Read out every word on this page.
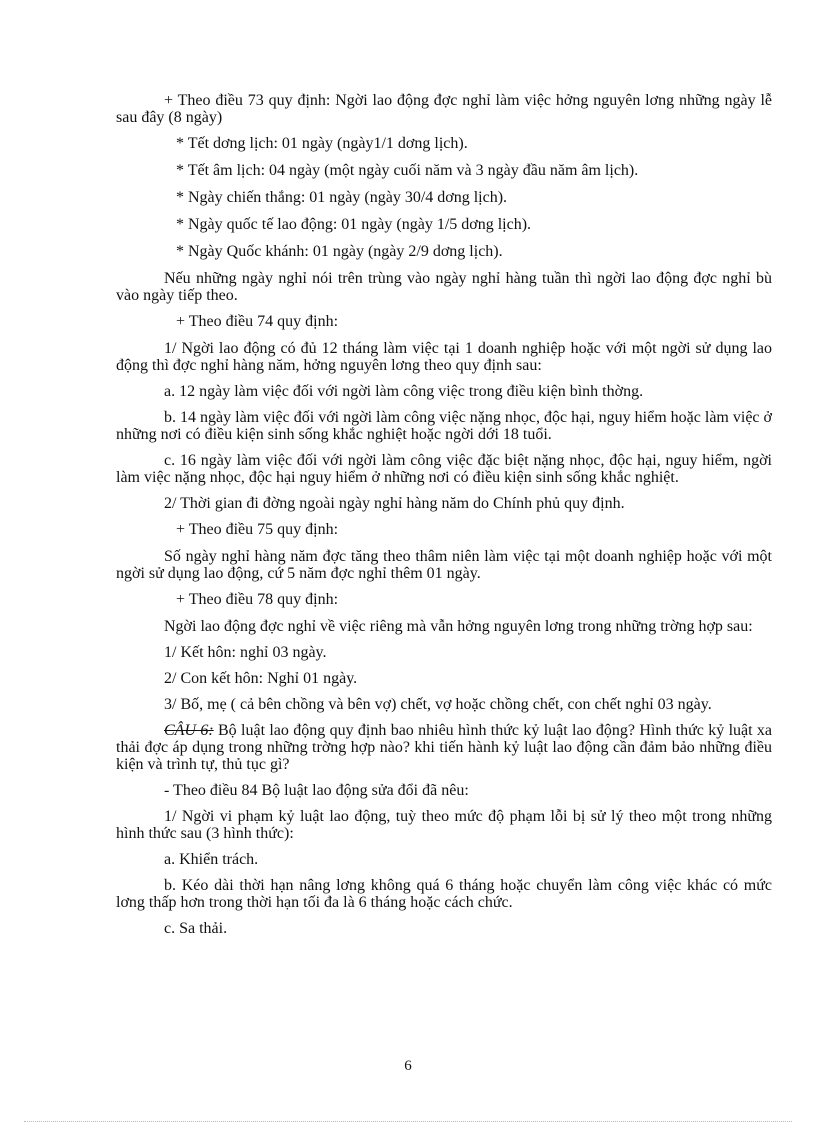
+ Theo điều 73 quy định: Ngời lao động đợc nghỉ làm việc hởng nguyên lơng những ngày lễ sau đây (8 ngày)

* Tết dơng lịch: 01 ngày (ngày1/1 dơng lịch).

* Tết âm lịch: 04 ngày (một ngày cuối năm và 3 ngày đầu năm âm lịch).

* Ngày chiến thắng: 01 ngày (ngày 30/4 dơng lịch).

* Ngày quốc tế lao động: 01 ngày (ngày 1/5 dơng lịch).

* Ngày Quốc khánh: 01 ngày (ngày 2/9 dơng lịch).

Nếu những ngày nghỉ nói trên trùng vào ngày nghỉ hàng tuần thì ngời lao động đợc nghỉ bù vào ngày tiếp theo.

+ Theo điều 74 quy định:

1/ Ngời lao động có đủ 12 tháng làm việc tại 1 doanh nghiệp hoặc với một ngời sử dụng lao động thì đợc nghỉ hàng năm, hởng nguyên lơng theo quy định sau:

a. 12 ngày làm việc đối với ngời làm công việc trong điều kiện bình thờng.

b. 14 ngày làm việc đối với ngời làm công việc nặng nhọc, độc hại, nguy hiểm hoặc làm việc ở những nơi có điều kiện sinh sống khắc nghiệt hoặc ngời dới 18 tuổi.

c. 16 ngày làm việc đối với ngời làm công việc đặc biệt nặng nhọc, độc hại, nguy hiểm, ngời làm việc nặng nhọc, độc hại nguy hiểm ở những nơi có điều kiện sinh sống khắc nghiệt.

2/ Thời gian đi đờng ngoài ngày nghỉ hàng năm do Chính phủ quy định.

+ Theo điều 75 quy định:

Số ngày nghỉ hàng năm đợc tăng theo thâm niên làm việc tại một doanh nghiệp hoặc với một ngời sử dụng lao động, cứ 5 năm đợc nghỉ thêm 01 ngày.

+ Theo điều 78 quy định:

Ngời lao động đợc nghỉ về việc riêng mà vẫn hởng nguyên lơng trong những trờng hợp sau:

1/ Kết hôn: nghỉ 03 ngày.

2/ Con kết hôn: Nghỉ 01 ngày.

3/ Bố, mẹ ( cả bên chồng và bên vợ) chết, vợ hoặc chồng chết, con chết nghỉ 03 ngày.

CÂU 6: Bộ luật lao động quy định bao nhiêu hình thức kỷ luật lao động? Hình thức kỷ luật xa thải đợc áp dụng trong những trờng hợp nào? khi tiến hành kỷ luật lao động cần đảm bảo những điều kiện và trình tự, thủ tục gì?

- Theo điều 84 Bộ luật lao động sửa đổi đã nêu:

1/ Ngời vi phạm kỷ luật lao động, tuỳ theo mức độ phạm lỗi bị sử lý theo một trong những hình thức sau (3 hình thức):

a. Khiển trách.

b. Kéo dài thời hạn nâng lơng không quá 6 tháng hoặc chuyển làm công việc khác có mức lơng thấp hơn trong thời hạn tối đa là 6 tháng hoặc cách chức.

c. Sa thải.

6
